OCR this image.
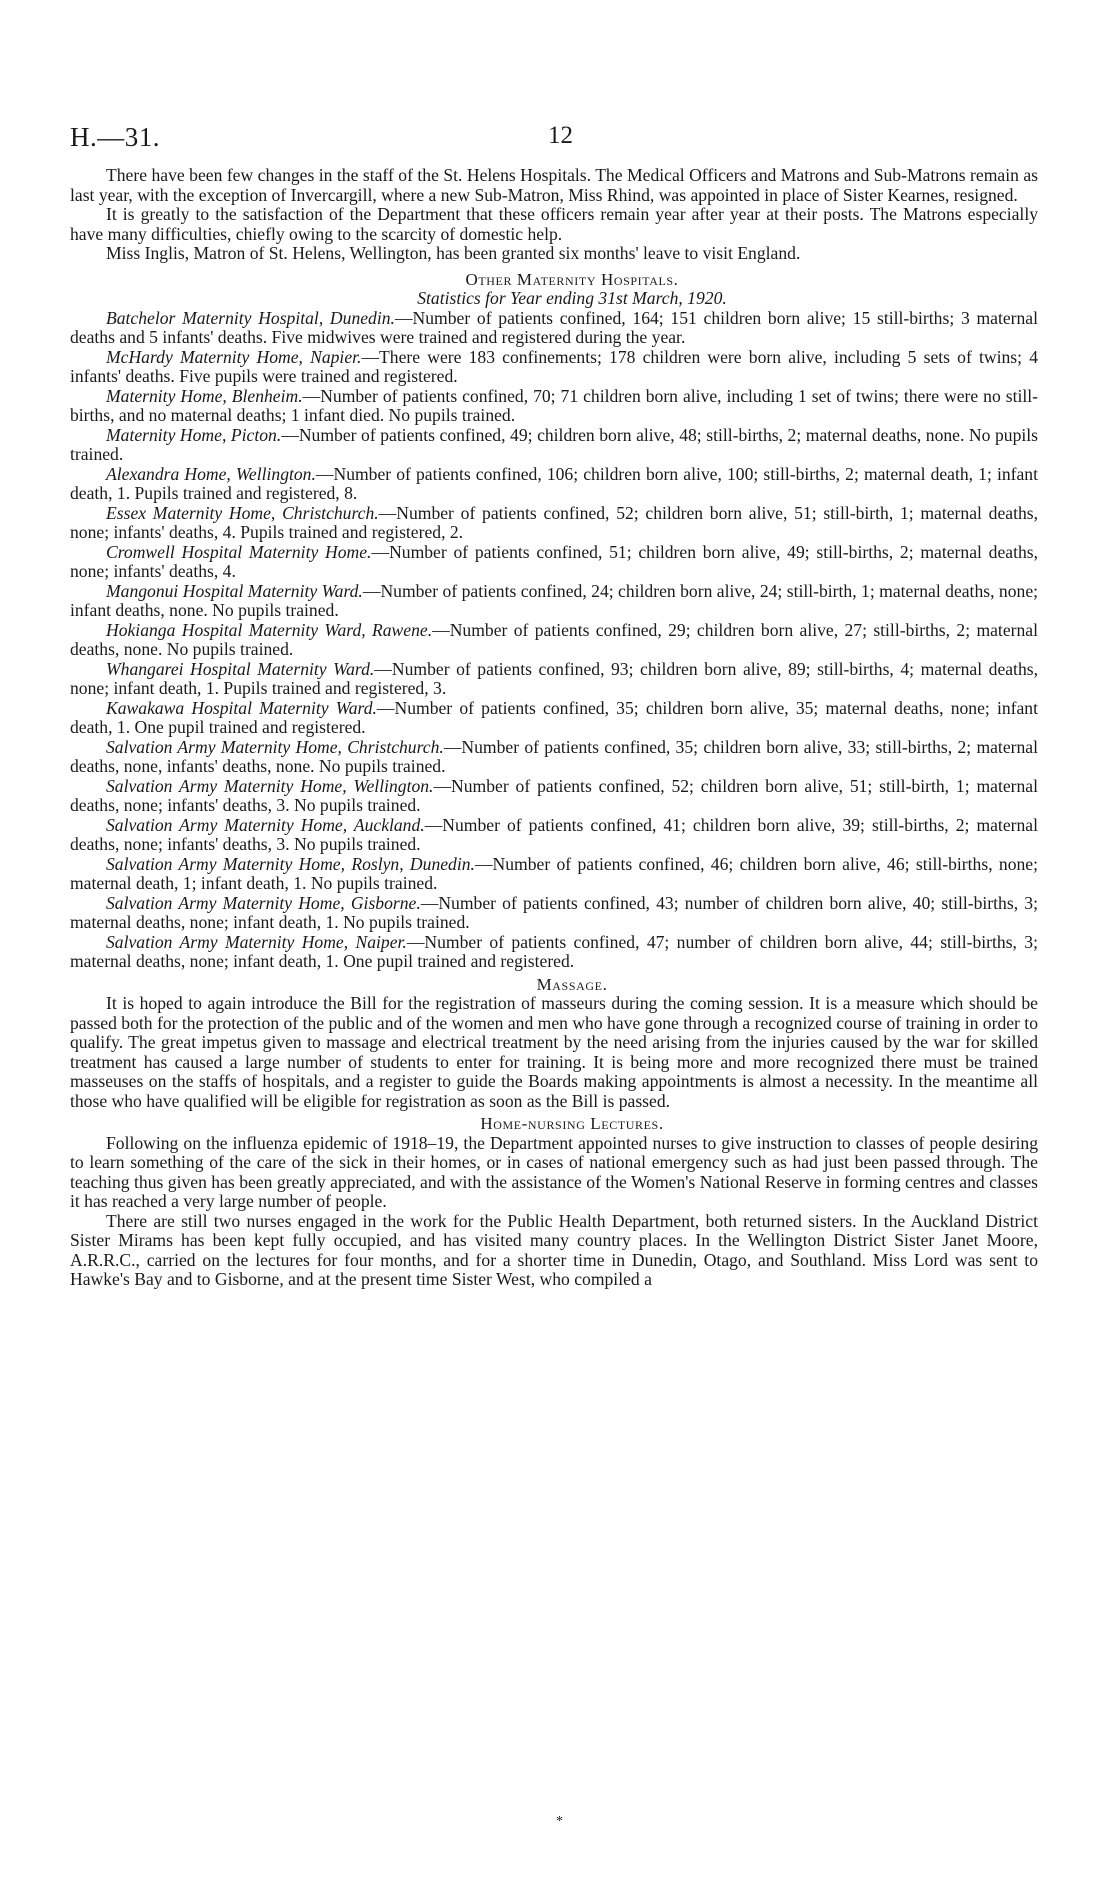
H.—31.	12

There have been few changes in the staff of the St. Helens Hospitals. The Medical Officers and Matrons and Sub-Matrons remain as last year, with the exception of Invercargill, where a new Sub-Matron, Miss Rhind, was appointed in place of Sister Kearnes, resigned.

It is greatly to the satisfaction of the Department that these officers remain year after year at their posts. The Matrons especially have many difficulties, chiefly owing to the scarcity of domestic help.

Miss Inglis, Matron of St. Helens, Wellington, has been granted six months' leave to visit England.

Other Maternity Hospitals.

Statistics for Year ending 31st March, 1920.

Batchelor Maternity Hospital, Dunedin.—Number of patients confined, 164; 151 children born alive; 15 still-births; 3 maternal deaths and 5 infants' deaths. Five midwives were trained and registered during the year.

McHardy Maternity Home, Napier.—There were 183 confinements; 178 children were born alive, including 5 sets of twins; 4 infants' deaths. Five pupils were trained and registered.

Maternity Home, Blenheim.—Number of patients confined, 70; 71 children born alive, including 1 set of twins; there were no still-births, and no maternal deaths; 1 infant died. No pupils trained.

Maternity Home, Picton.—Number of patients confined, 49; children born alive, 48; still-births, 2; maternal deaths, none. No pupils trained.

Alexandra Home, Wellington.—Number of patients confined, 106; children born alive, 100; still-births, 2; maternal death, 1; infant death, 1. Pupils trained and registered, 8.

Essex Maternity Home, Christchurch.—Number of patients confined, 52; children born alive, 51; still-birth, 1; maternal deaths, none; infants' deaths, 4. Pupils trained and registered, 2.

Cromwell Hospital Maternity Home.—Number of patients confined, 51; children born alive, 49; still-births, 2; maternal deaths, none; infants' deaths, 4.

Mangonui Hospital Maternity Ward.—Number of patients confined, 24; children born alive, 24; still-birth, 1; maternal deaths, none; infant deaths, none. No pupils trained.

Hokianga Hospital Maternity Ward, Rawene.—Number of patients confined, 29; children born alive, 27; still-births, 2; maternal deaths, none. No pupils trained.

Whangarei Hospital Maternity Ward.—Number of patients confined, 93; children born alive, 89; still-births, 4; maternal deaths, none; infant death, 1. Pupils trained and registered, 3.

Kawakawa Hospital Maternity Ward.—Number of patients confined, 35; children born alive, 35; maternal deaths, none; infant death, 1. One pupil trained and registered.

Salvation Army Maternity Home, Christchurch.—Number of patients confined, 35; children born alive, 33; still-births, 2; maternal deaths, none, infants' deaths, none. No pupils trained.

Salvation Army Maternity Home, Wellington.—Number of patients confined, 52; children born alive, 51; still-birth, 1; maternal deaths, none; infants' deaths, 3. No pupils trained.

Salvation Army Maternity Home, Auckland.—Number of patients confined, 41; children born alive, 39; still-births, 2; maternal deaths, none; infants' deaths, 3. No pupils trained.

Salvation Army Maternity Home, Roslyn, Dunedin.—Number of patients confined, 46; children born alive, 46; still-births, none; maternal death, 1; infant death, 1. No pupils trained.

Salvation Army Maternity Home, Gisborne.—Number of patients confined, 43; number of children born alive, 40; still-births, 3; maternal deaths, none; infant death, 1. No pupils trained.

Salvation Army Maternity Home, Naiper.—Number of patients confined, 47; number of children born alive, 44; still-births, 3; maternal deaths, none; infant death, 1. One pupil trained and registered.

Massage.

It is hoped to again introduce the Bill for the registration of masseurs during the coming session. It is a measure which should be passed both for the protection of the public and of the women and men who have gone through a recognized course of training in order to qualify. The great impetus given to massage and electrical treatment by the need arising from the injuries caused by the war for skilled treatment has caused a large number of students to enter for training. It is being more and more recognized there must be trained masseuses on the staffs of hospitals, and a register to guide the Boards making appointments is almost a necessity. In the meantime all those who have qualified will be eligible for registration as soon as the Bill is passed.

Home-nursing Lectures.

Following on the influenza epidemic of 1918–19, the Department appointed nurses to give instruction to classes of people desiring to learn something of the care of the sick in their homes, or in cases of national emergency such as had just been passed through. The teaching thus given has been greatly appreciated, and with the assistance of the Women's National Reserve in forming centres and classes it has reached a very large number of people.

There are still two nurses engaged in the work for the Public Health Department, both returned sisters. In the Auckland District Sister Mirams has been kept fully occupied, and has visited many country places. In the Wellington District Sister Janet Moore, A.R.R.C., carried on the lectures for four months, and for a shorter time in Dunedin, Otago, and Southland. Miss Lord was sent to Hawke's Bay and to Gisborne, and at the present time Sister West, who compiled a

*
